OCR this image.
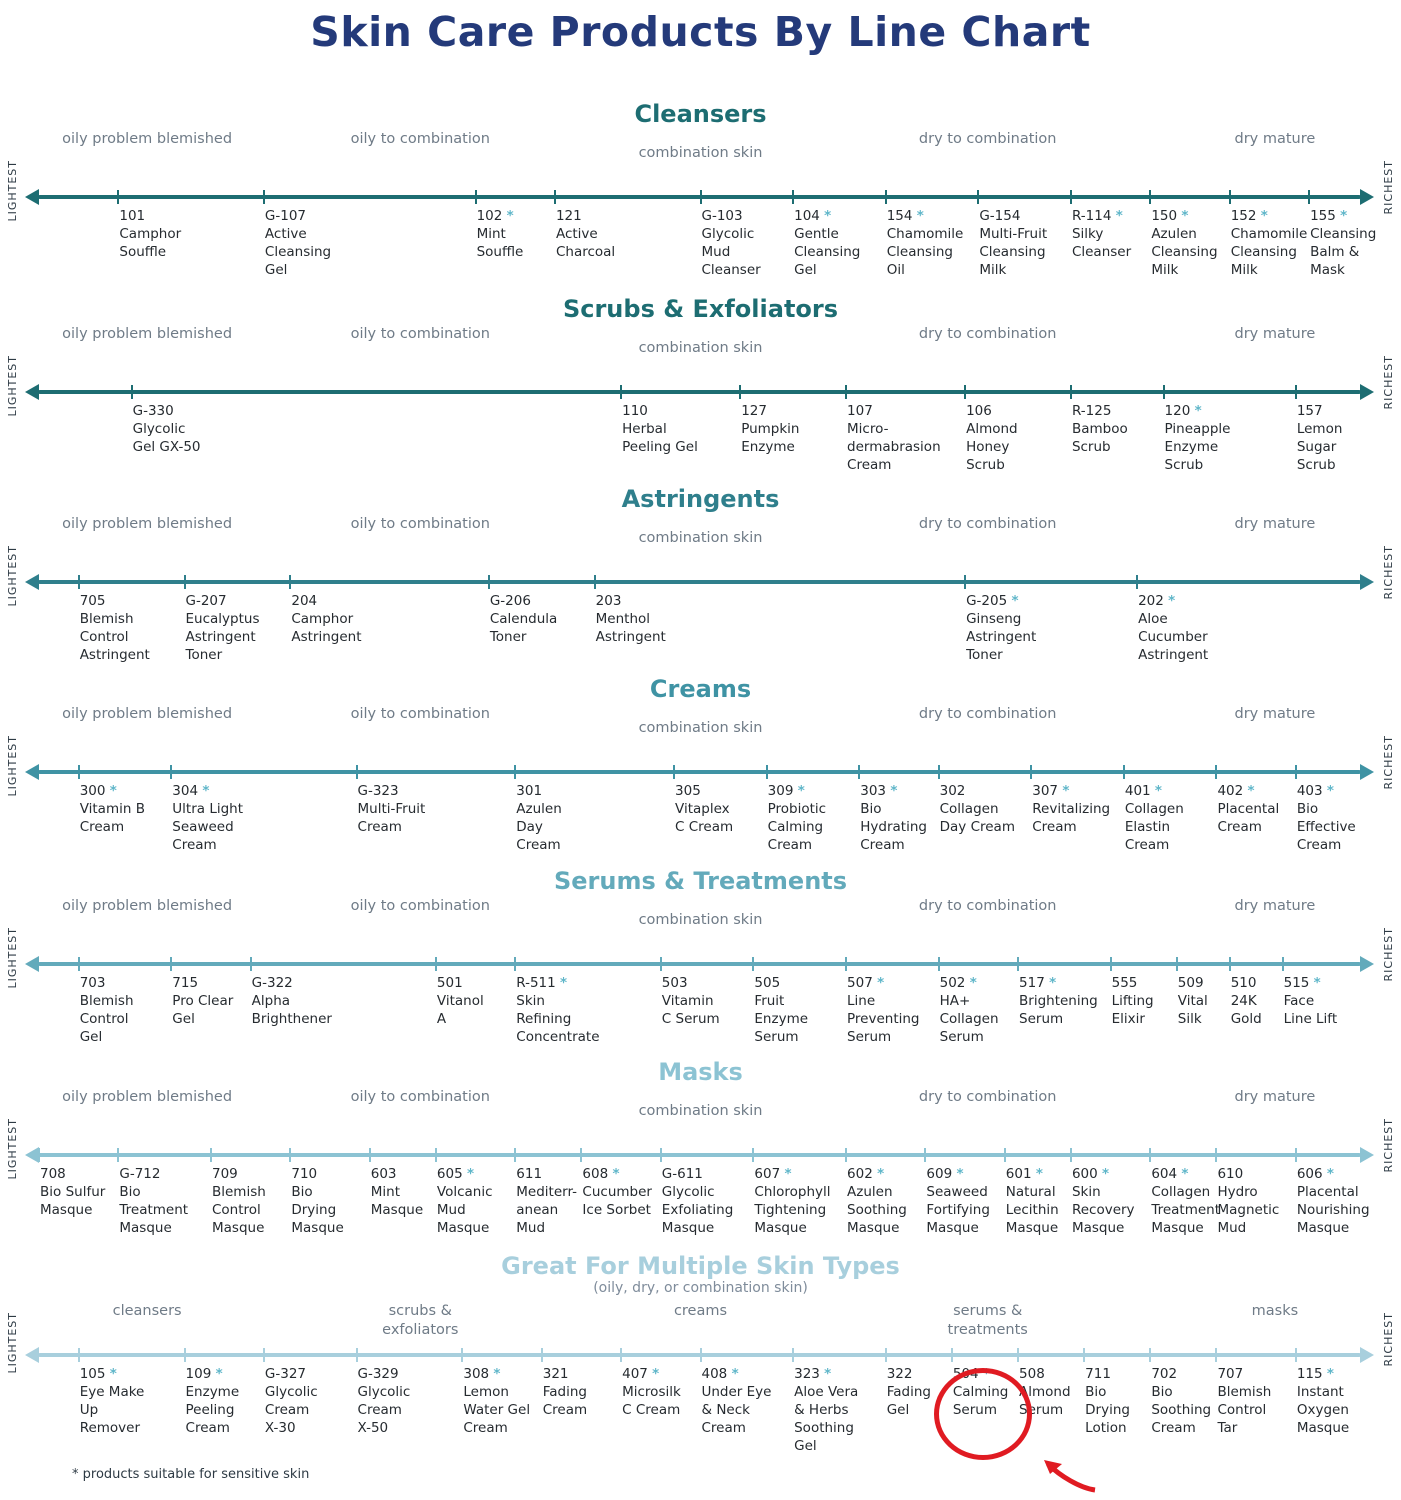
Skin Care Products By Line Chart
LIGHTEST	RICHEST
Cleansers
oily problem blemished	oily to combination
combination skin
dry to combination	dry mature
101
Camphor
Souffle
G-107
Active
Cleansing
Gel
102 *
Mint
Souffle
121
Active
Charcoal
G-103
Glycolic
Mud
Cleanser
104 *
Gentle
Cleansing
Gel
154 *
Chamomile
Cleansing
Oil
G-154
Multi-Fruit
Cleansing
Milk
R-114 *
Silky
Cleanser
150 *
Azulen
Cleansing
Milk
152 *
Chamomile
Cleansing
Milk
155 *
Cleansing
Balm &
Mask
LIGHTEST	RICHEST
Scrubs & Exfoliators
oily problem blemished	oily to combination
combination skin
dry to combination	dry mature
G-330
Glycolic
Gel GX-50
110
Herbal
Peeling Gel
127
Pumpkin
Enzyme
107
Micro-
dermabrasion
Cream
106
Almond
Honey
Scrub
R-125
Bamboo
Scrub
120 *
Pineapple
Enzyme
Scrub
157
Lemon
Sugar Scrub
LIGHTEST	RICHEST
Astringents
oily problem blemished	oily to combination
combination skin
dry to combination	dry mature
705
Blemish
Control
Astringent
G-207
Eucalyptus
Astringent
Toner
204
Camphor
Astringent
G-206
Calendula
Toner
203
Menthol
Astringent
G-205 *
Ginseng
Astringent
Toner
202 *
Aloe
Cucumber
Astringent
LIGHTEST	RICHEST
Creams
oily problem blemished	oily to combination
combination skin
dry to combination	dry mature
300 *
Vitamin B
Cream
304 *
Ultra Light
Seaweed
Cream
G-323
Multi-Fruit
Cream
301
Azulen
Day
Cream
305
Vitaplex
C Cream
309 *
Probiotic
Calming
Cream
303 *
Bio
Hydrating
Cream
302
Collagen
Day Cream
307 *
Revitalizing
Cream
401 *
Collagen
Elastin
Cream
402 *
Placental
Cream
403 *
Bio
Effective
Cream
LIGHTEST	RICHEST
Serums & Treatments
oily problem blemished	oily to combination
combination skin
dry to combination	dry mature
703
Blemish
Control
Gel
715
Pro Clear
Gel
G-322
Alpha
Brighthener
501
Vitanol
A
R-511 *
Skin
Refining
Concentrate
503
Vitamin
C Serum
505
Fruit
Enzyme
Serum
507 *
Line
Preventing
Serum
502 *
HA+
Collagen
Serum
517 *
Brightening
Serum
555
Lifting
Elixir
509
Vital
Silk
510
24K
Gold
515 *
Face
Line Lift
LIGHTEST	RICHEST
Masks
oily problem blemished	oily to combination
combination skin
dry to combination	dry mature
708
Bio Sulfur
Masque
G-712
Bio
Treatment
Masque
709
Blemish
Control
Masque
710
Bio
Drying
Masque
603
Mint
Masque
605 *
Volcanic
Mud
Masque
611
Mediterr-
anean
Mud
608 *
Cucumber
Ice Sorbet
G-611
Glycolic
Exfoliating
Masque
607 *
Chlorophyll
Tightening
Masque
602 *
Azulen
Soothing
Masque
609 *
Seaweed
Fortifying
Masque
601 *
Natural
Lecithin
Masque
600 *
Skin
Recovery
Masque
604 *
Collagen
Treatment
Masque
610
Hydro
Magnetic
Mud
606 *
Placental
Nourishing
Masque
LIGHTEST	RICHEST
Great For Multiple Skin Types
(oily, dry, or combination skin)
cleansers	scrubs &
exfoliators
creams	serums &
treatments
masks
105 *
Eye Make
Up
Remover
109 *
Enzyme
Peeling
Cream
G-327
Glycolic
Cream
X-30
G-329
Glycolic
Cream
X-50
308 *
Lemon
Water Gel
Cream
321
Fading
Cream
407 *
Microsilk
C Cream
408 *
Under Eye
& Neck
Cream
323 *
Aloe Vera
& Herbs
Soothing
Gel
322
Fading
Gel
504 *
Calming
Serum
508
Almond
Serum
711
Bio
Drying
Lotion
702
Bio
Soothing
Cream
707
Blemish
Control
Tar
115 *
Instant
Oxygen
Masque
* products suitable for sensitive skin
